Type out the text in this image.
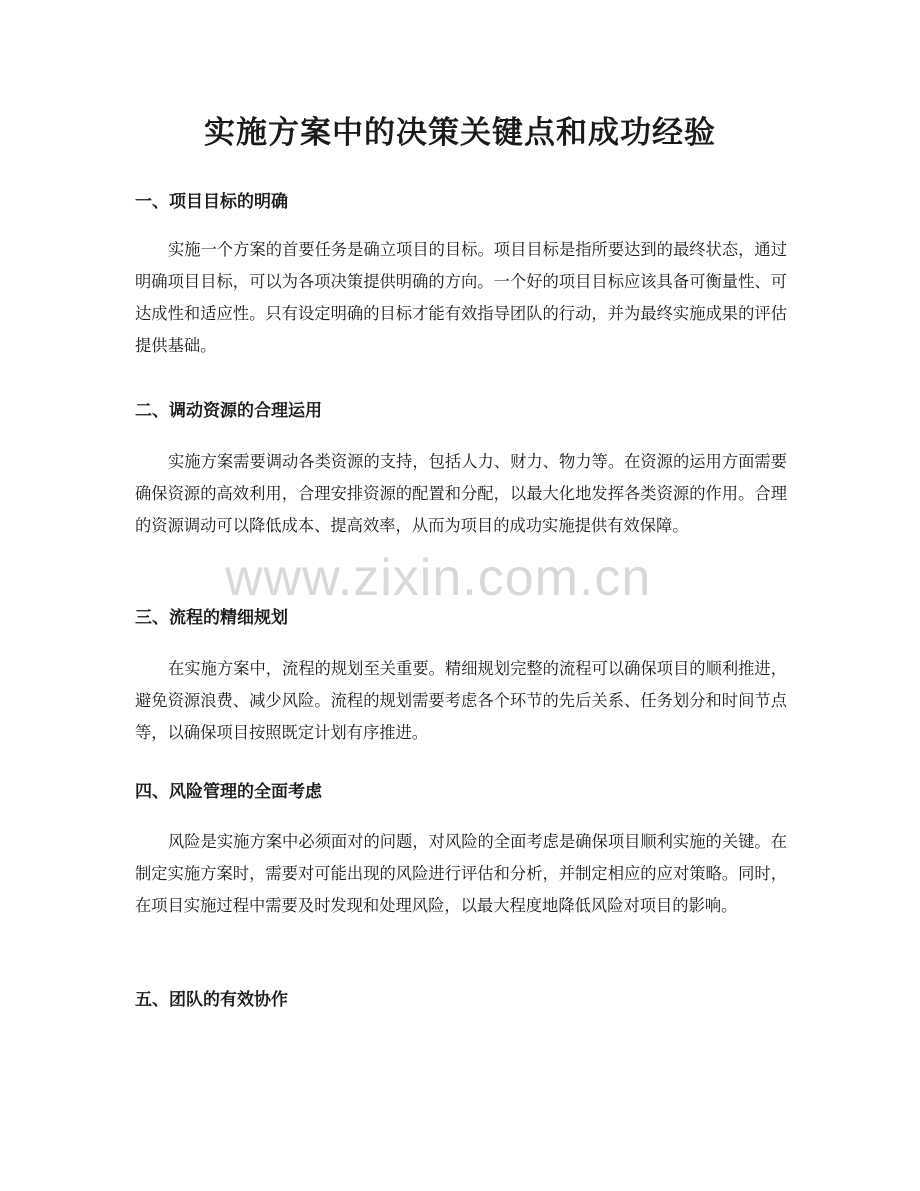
实施方案中的决策关键点和成功经验
一、项目目标的明确

实施一个方案的首要任务是确立项目的目标。项目目标是指所要达到的最终状态，通过明确项目目标，可以为各项决策提供明确的方向。一个好的项目目标应该具备可衡量性、可达成性和适应性。只有设定明确的目标才能有效指导团队的行动，并为最终实施成果的评估提供基础。

二、调动资源的合理运用

实施方案需要调动各类资源的支持，包括人力、财力、物力等。在资源的运用方面需要确保资源的高效利用，合理安排资源的配置和分配，以最大化地发挥各类资源的作用。合理的资源调动可以降低成本、提高效率，从而为项目的成功实施提供有效保障。

三、流程的精细规划

在实施方案中，流程的规划至关重要。精细规划完整的流程可以确保项目的顺利推进，避免资源浪费、减少风险。流程的规划需要考虑各个环节的先后关系、任务划分和时间节点等，以确保项目按照既定计划有序推进。

四、风险管理的全面考虑

风险是实施方案中必须面对的问题，对风险的全面考虑是确保项目顺利实施的关键。在制定实施方案时，需要对可能出现的风险进行评估和分析，并制定相应的应对策略。同时，在项目实施过程中需要及时发现和处理风险，以最大程度地降低风险对项目的影响。

五、团队的有效协作
www.zixin.com.cn
